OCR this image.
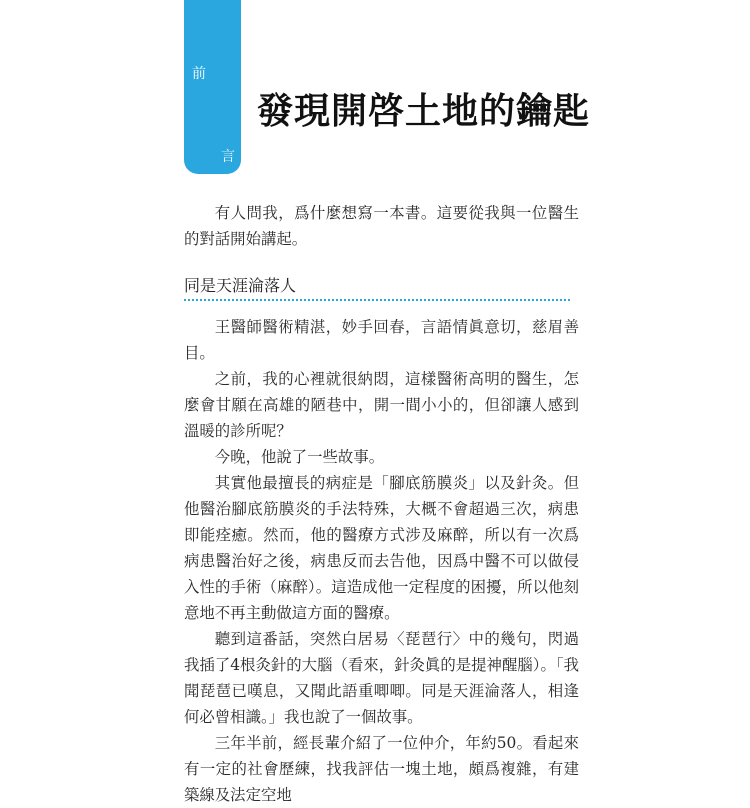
前
言
發現開啓土地的鑰匙

有人問我，爲什麼想寫一本書。這要從我與一位醫生的對話開始講起。

同是天涯淪落人

王醫師醫術精湛，妙手回春，言語情眞意切，慈眉善目。

之前，我的心裡就很納悶，這樣醫術高明的醫生，怎麼會甘願在高雄的陋巷中，開一間小小的，但卻讓人感到溫暖的診所呢？

今晚，他說了一些故事。

其實他最擅長的病症是「腳底筋膜炎」以及針灸。但他醫治腳底筋膜炎的手法特殊，大概不會超過三次，病患即能痊癒。然而，他的醫療方式涉及麻醉，所以有一次爲病患醫治好之後，病患反而去告他，因爲中醫不可以做侵入性的手術（麻醉）。這造成他一定程度的困擾，所以他刻意地不再主動做這方面的醫療。

聽到這番話，突然白居易〈琵琶行〉中的幾句，閃過我插了4根灸針的大腦（看來，針灸眞的是提神醒腦）。「我聞琵琶已嘆息，又聞此語重唧唧。同是天涯淪落人，相逢何必曾相識。」我也說了一個故事。

三年半前，經長輩介紹了一位仲介，年約50。看起來有一定的社會歷練，找我評估一塊土地，頗爲複雜，有建築線及法定空地
